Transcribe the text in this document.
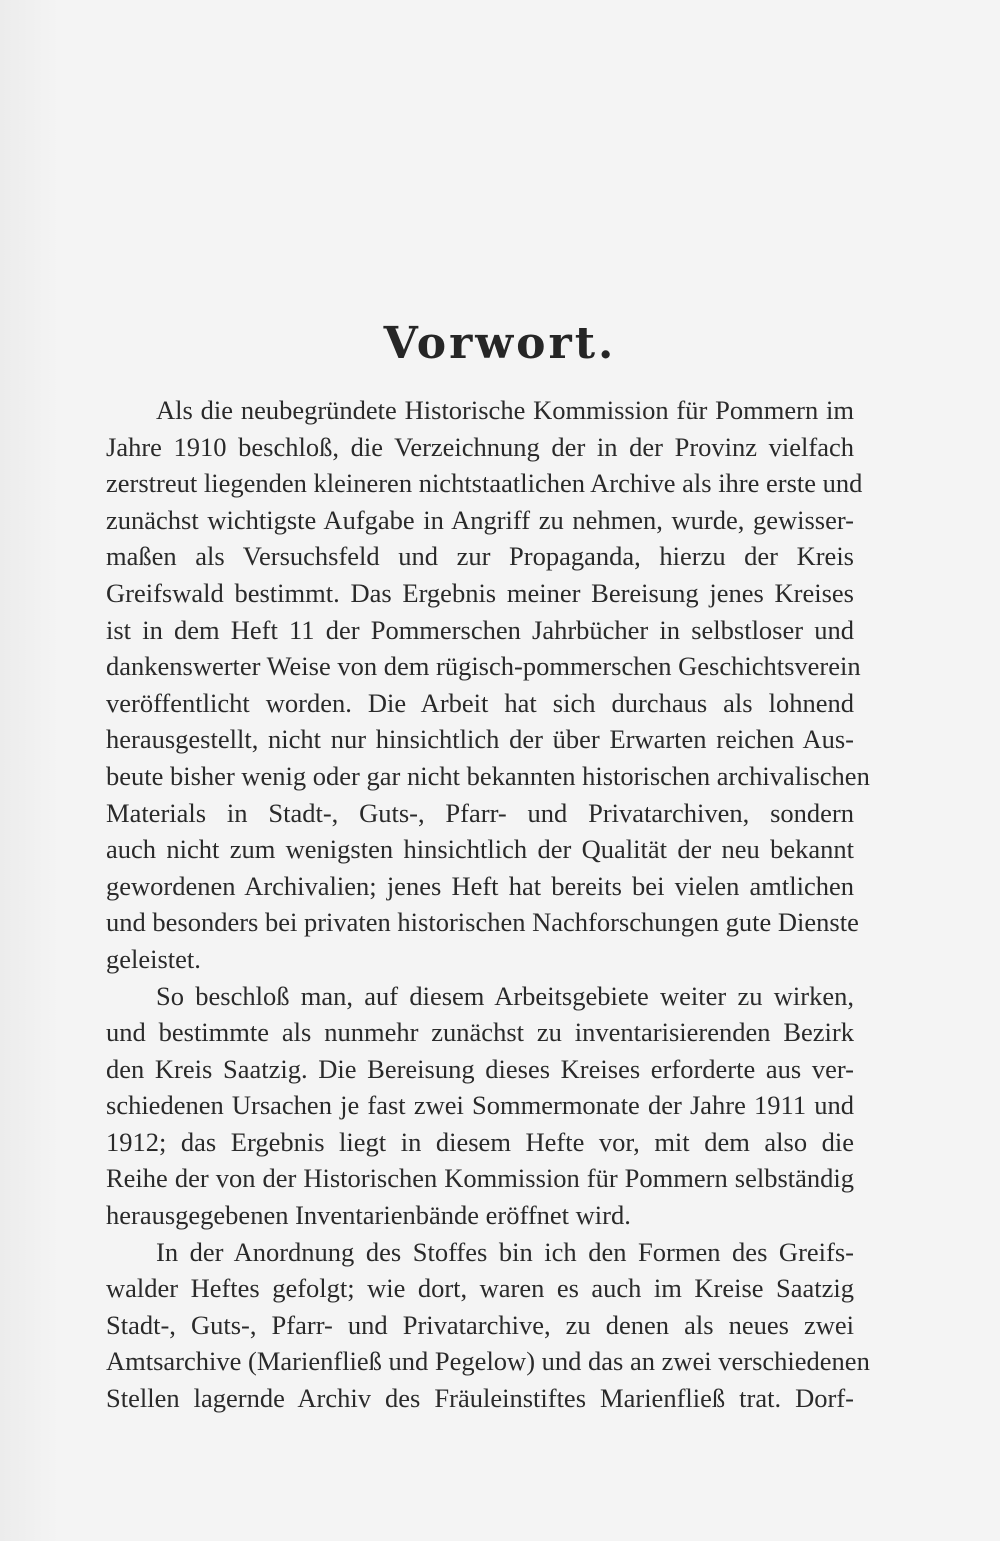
Vorwort.
Als die neubegründete Historische Kommission für Pommern im
Jahre 1910 beschloß, die Verzeichnung der in der Provinz vielfach
zerstreut liegenden kleineren nichtstaatlichen Archive als ihre erste und
zunächst wichtigste Aufgabe in Angriff zu nehmen, wurde, gewisser-
maßen als Versuchsfeld und zur Propaganda, hierzu der Kreis
Greifswald bestimmt. Das Ergebnis meiner Bereisung jenes Kreises
ist in dem Heft 11 der Pommerschen Jahrbücher in selbstloser und
dankenswerter Weise von dem rügisch-pommerschen Geschichtsverein
veröffentlicht worden. Die Arbeit hat sich durchaus als lohnend
herausgestellt, nicht nur hinsichtlich der über Erwarten reichen Aus-
beute bisher wenig oder gar nicht bekannten historischen archivalischen
Materials in Stadt-, Guts-, Pfarr- und Privatarchiven, sondern
auch nicht zum wenigsten hinsichtlich der Qualität der neu bekannt
gewordenen Archivalien; jenes Heft hat bereits bei vielen amtlichen
und besonders bei privaten historischen Nachforschungen gute Dienste
geleistet.
So beschloß man, auf diesem Arbeitsgebiete weiter zu wirken,
und bestimmte als nunmehr zunächst zu inventarisierenden Bezirk
den Kreis Saatzig. Die Bereisung dieses Kreises erforderte aus ver-
schiedenen Ursachen je fast zwei Sommermonate der Jahre 1911 und
1912; das Ergebnis liegt in diesem Hefte vor, mit dem also die
Reihe der von der Historischen Kommission für Pommern selbständig
herausgegebenen Inventarienbände eröffnet wird.
In der Anordnung des Stoffes bin ich den Formen des Greifs-
walder Heftes gefolgt; wie dort, waren es auch im Kreise Saatzig
Stadt-, Guts-, Pfarr- und Privatarchive, zu denen als neues zwei
Amtsarchive (Marienfließ und Pegelow) und das an zwei verschiedenen
Stellen lagernde Archiv des Fräuleinstiftes Marienfließ trat. Dorf-
